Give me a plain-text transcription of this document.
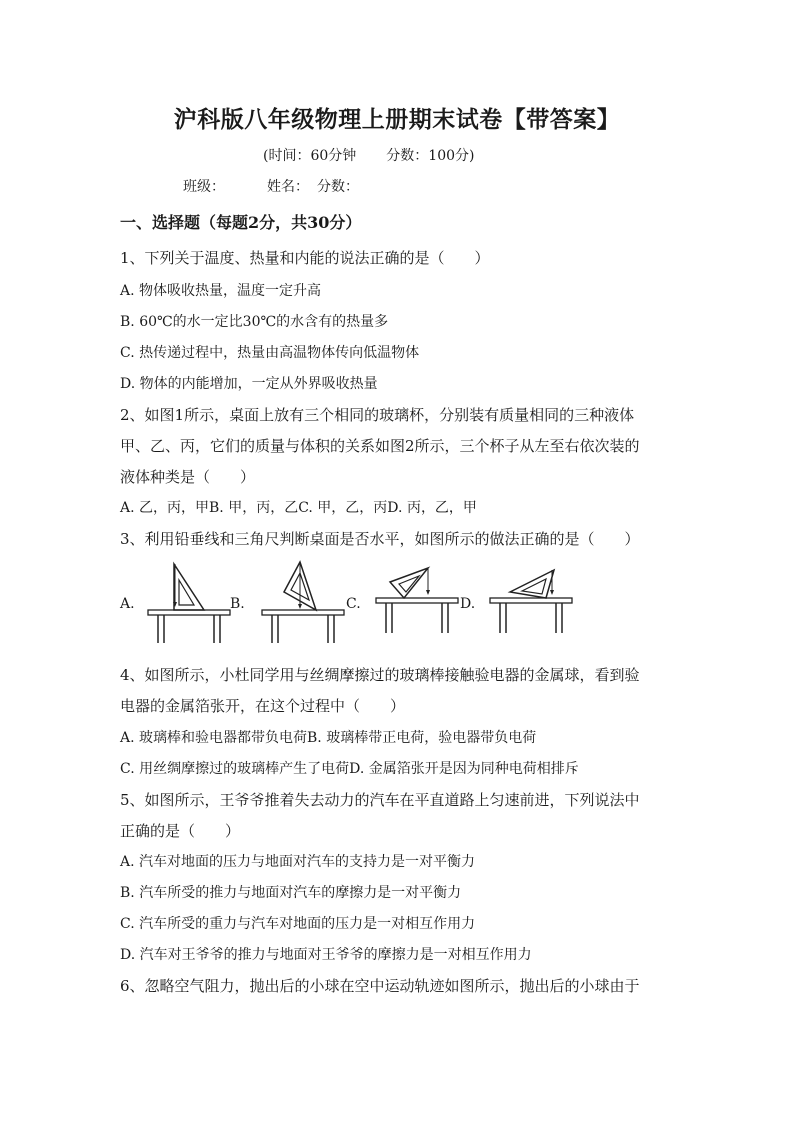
沪科版八年级物理上册期末试卷【带答案】
(时间：60分钟 分数：100分)
班级：	姓名： 分数：
一、选择题（每题2分，共30分）
1、下列关于温度、热量和内能的说法正确的是（　　）
A. 物体吸收热量，温度一定升高
B. 60℃的水一定比30℃的水含有的热量多
C. 热传递过程中，热量由高温物体传向低温物体
D. 物体的内能增加，一定从外界吸收热量
2、如图1所示，桌面上放有三个相同的玻璃杯，分别装有质量相同的三种液体
甲、乙、丙，它们的质量与体积的关系如图2所示，三个杯子从左至右依次装的
液体种类是（　　）
A. 乙，丙，甲B. 甲，丙，乙C. 甲，乙，丙D. 丙，乙，甲
3、利用铅垂线和三角尺判断桌面是否水平，如图所示的做法正确的是（　　）
A.	B.	C.	D.
4、如图所示，小杜同学用与丝绸摩擦过的玻璃棒接触验电器的金属球，看到验
电器的金属箔张开，在这个过程中（　　）
A. 玻璃棒和验电器都带负电荷B. 玻璃棒带正电荷，验电器带负电荷
C. 用丝绸摩擦过的玻璃棒产生了电荷D. 金属箔张开是因为同种电荷相排斥
5、如图所示，王爷爷推着失去动力的汽车在平直道路上匀速前进，下列说法中
正确的是（　　）
A. 汽车对地面的压力与地面对汽车的支持力是一对平衡力
B. 汽车所受的推力与地面对汽车的摩擦力是一对平衡力
C. 汽车所受的重力与汽车对地面的压力是一对相互作用力
D. 汽车对王爷爷的推力与地面对王爷爷的摩擦力是一对相互作用力
6、忽略空气阻力，抛出后的小球在空中运动轨迹如图所示，抛出后的小球由于
